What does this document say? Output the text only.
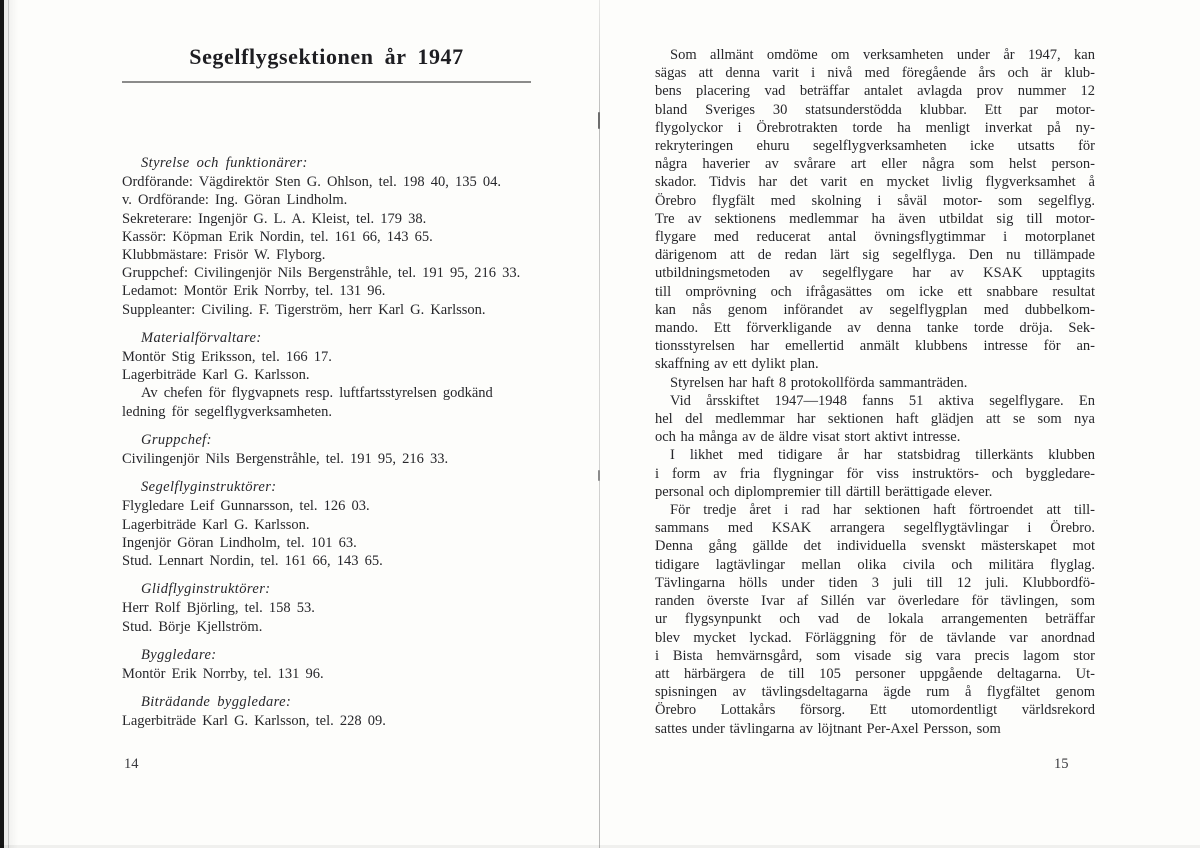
Segelflygsektionen år 1947
Styrelse och funktionärer:
Ordförande: Vägdirektör Sten G. Ohlson, tel. 198 40, 135 04.
v. Ordförande: Ing. Göran Lindholm.
Sekreterare: Ingenjör G. L. A. Kleist, tel. 179 38.
Kassör: Köpman Erik Nordin, tel. 161 66, 143 65.
Klubbmästare: Frisör W. Flyborg.
Gruppchef: Civilingenjör Nils Bergenstråhle, tel. 191 95, 216 33.
Ledamot: Montör Erik Norrby, tel. 131 96.
Suppleanter: Civiling. F. Tigerström, herr Karl G. Karlsson.
Materialförvaltare:
Montör Stig Eriksson, tel. 166 17.
Lagerbiträde Karl G. Karlsson.
Av chefen för flygvapnets resp. luftfartsstyrelsen godkänd
ledning för segelflygverksamheten.
Gruppchef:
Civilingenjör Nils Bergenstråhle, tel. 191 95, 216 33.
Segelflyginstruktörer:
Flygledare Leif Gunnarsson, tel. 126 03.
Lagerbiträde Karl G. Karlsson.
Ingenjör Göran Lindholm, tel. 101 63.
Stud. Lennart Nordin, tel. 161 66, 143 65.
Glidflyginstruktörer:
Herr Rolf Björling, tel. 158 53.
Stud. Börje Kjellström.
Byggledare:
Montör Erik Norrby, tel. 131 96.
Biträdande byggledare:
Lagerbiträde Karl G. Karlsson, tel. 228 09.
Som allmänt omdöme om verksamheten under år 1947, kan
sägas att denna varit i nivå med föregående års och är klub-
bens placering vad beträffar antalet avlagda prov nummer 12
bland Sveriges 30 statsunderstödda klubbar. Ett par motor-
flygolyckor i Örebrotrakten torde ha menligt inverkat på ny-
rekryteringen ehuru segelflygverksamheten icke utsatts för
några haverier av svårare art eller några som helst person-
skador. Tidvis har det varit en mycket livlig flygverksamhet å
Örebro flygfält med skolning i såväl motor- som segelflyg.
Tre av sektionens medlemmar ha även utbildat sig till motor-
flygare med reducerat antal övningsflygtimmar i motorplanet
därigenom att de redan lärt sig segelflyga. Den nu tillämpade
utbildningsmetoden av segelflygare har av KSAK upptagits
till omprövning och ifrågasättes om icke ett snabbare resultat
kan nås genom införandet av segelflygplan med dubbelkom-
mando. Ett förverkligande av denna tanke torde dröja. Sek-
tionsstyrelsen har emellertid anmält klubbens intresse för an-
skaffning av ett dylikt plan.
Styrelsen har haft 8 protokollförda sammanträden.
Vid årsskiftet 1947—1948 fanns 51 aktiva segelflygare. En
hel del medlemmar har sektionen haft glädjen att se som nya
och ha många av de äldre visat stort aktivt intresse.
I likhet med tidigare år har statsbidrag tillerkänts klubben
i form av fria flygningar för viss instruktörs- och byggledare-
personal och diplompremier till därtill berättigade elever.
För tredje året i rad har sektionen haft förtroendet att till-
sammans med KSAK arrangera segelflygtävlingar i Örebro.
Denna gång gällde det individuella svenskt mästerskapet mot
tidigare lagtävlingar mellan olika civila och militära flyglag.
Tävlingarna hölls under tiden 3 juli till 12 juli. Klubbordfö-
randen överste Ivar af Sillén var överledare för tävlingen, som
ur flygsynpunkt och vad de lokala arrangementen beträffar
blev mycket lyckad. Förläggning för de tävlande var anordnad
i Bista hemvärnsgård, som visade sig vara precis lagom stor
att härbärgera de till 105 personer uppgående deltagarna. Ut-
spisningen av tävlingsdeltagarna ägde rum å flygfältet genom
Örebro Lottakårs försorg. Ett utomordentligt världsrekord
sattes under tävlingarna av löjtnant Per-Axel Persson, som
14	15
